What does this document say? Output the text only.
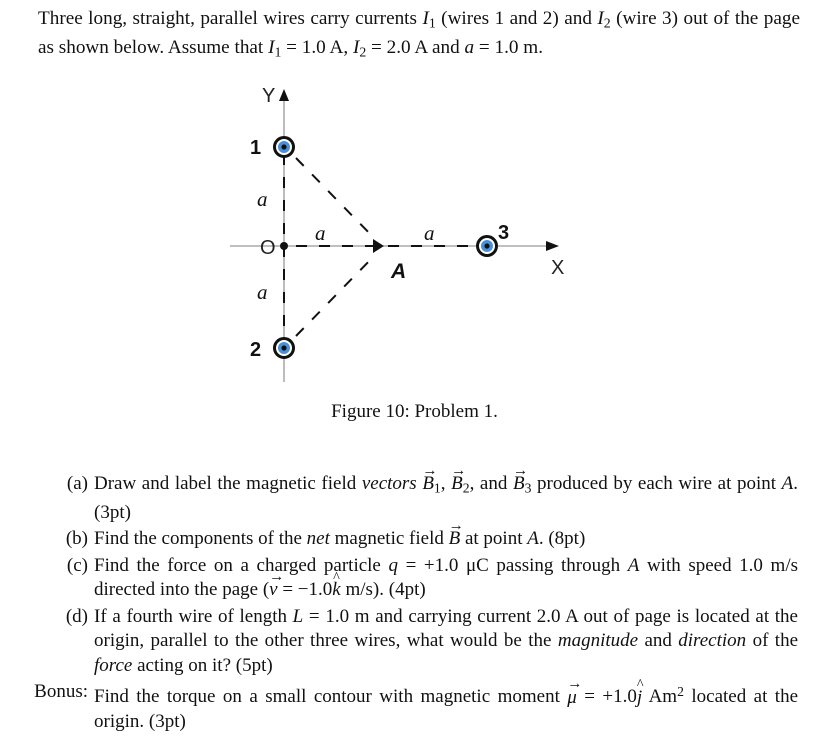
Three long, straight, parallel wires carry currents $I_1$ (wires 1 and 2) and $I_2$ (wire 3) out of the page as shown below. Assume that $I_1 = 1.0$ A, $I_2 = 2.0$ A and a = 1.0 m.

Y
X
O
A
1
2
3
a
a
a	a
Figure 10: Problem 1.
(a) Draw and label the magnetic field vectors → $B_1$, → $B_2$, and → $B_3$ produced by each wire at point A. (3pt)
(b) Find the components of the net magnetic field → B at point A. (8pt)
(c) Find the force on a charged particle q = +1.0 μC passing through A with speed 1.0 m/s directed into the page (→ v = −1.0^ k m/s). (4pt)
(d) If a fourth wire of length L = 1.0 m and carrying current 2.0 A out of page is located at the origin, parallel to the other three wires, what would be the magnitude and direction of the force acting on it? (5pt)
Bonus: Find the torque on a small contour with magnetic moment → μ = +1.0^ j Am$^2$ located at the origin. (3pt)
